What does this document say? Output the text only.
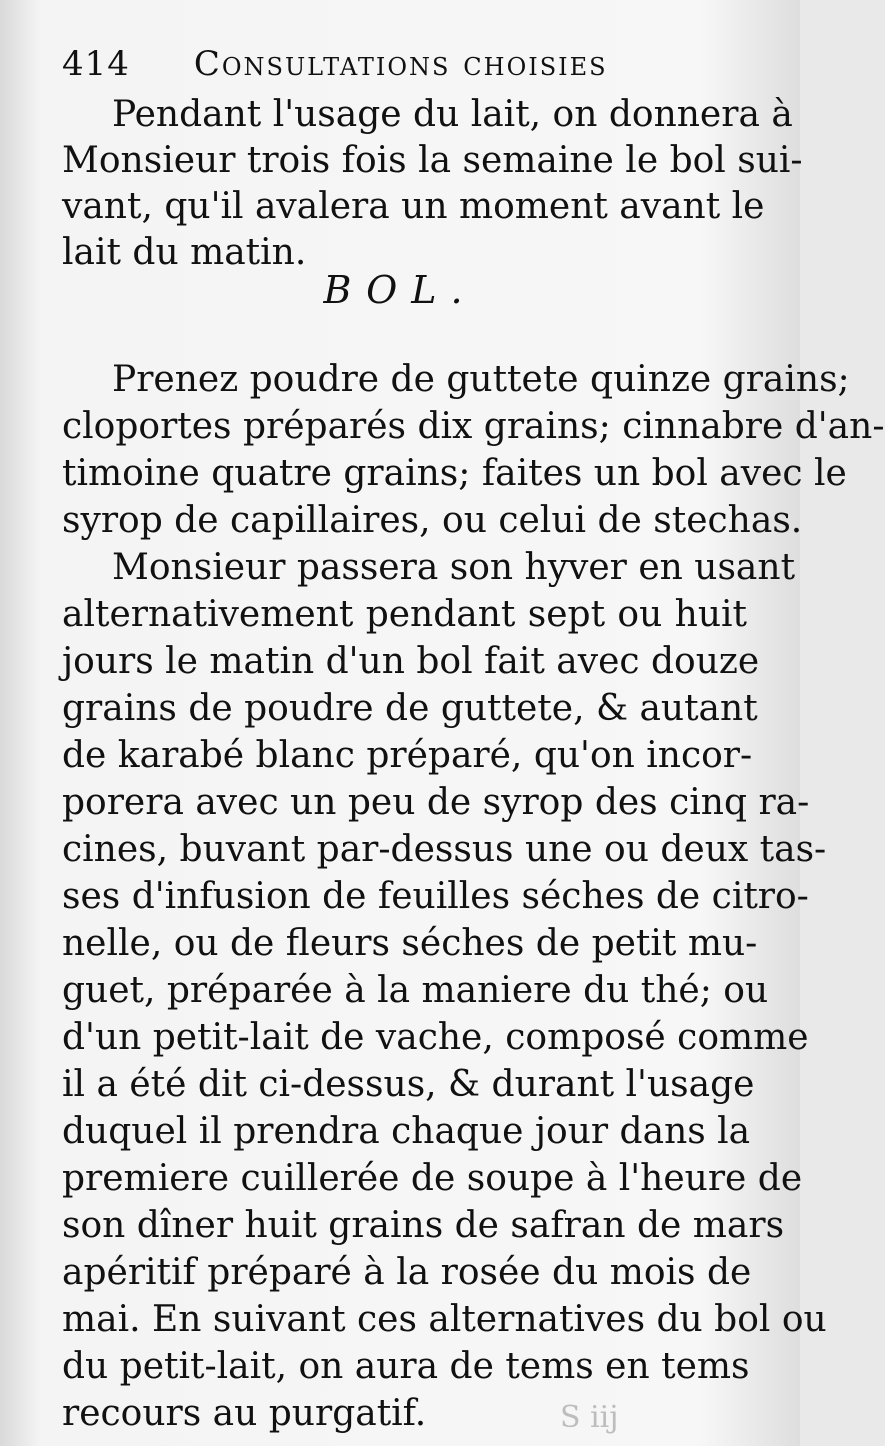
414 Consultations choisies
Pendant l'usage du lait, on donnera à
Monsieur trois fois la semaine le bol sui-
vant, qu'il avalera un moment avant le
lait du matin.
BOL.
Prenez poudre de guttete quinze grains;
cloportes préparés dix grains; cinnabre d'an-
timoine quatre grains; faites un bol avec le
syrop de capillaires, ou celui de stechas.
Monsieur passera son hyver en usant
alternativement pendant sept ou huit
jours le matin d'un bol fait avec douze
grains de poudre de guttete, & autant
de karabé blanc préparé, qu'on incor-
porera avec un peu de syrop des cinq ra-
cines, buvant par-dessus une ou deux tas-
ses d'infusion de feuilles séches de citro-
nelle, ou de fleurs séches de petit mu-
guet, préparée à la maniere du thé; ou
d'un petit-lait de vache, composé comme
il a été dit ci-dessus, & durant l'usage
duquel il prendra chaque jour dans la
premiere cuillerée de soupe à l'heure de
son dîner huit grains de safran de mars
apéritif préparé à la rosée du mois de
mai. En suivant ces alternatives du bol ou
du petit-lait, on aura de tems en tems
recours au purgatif.	S iij
